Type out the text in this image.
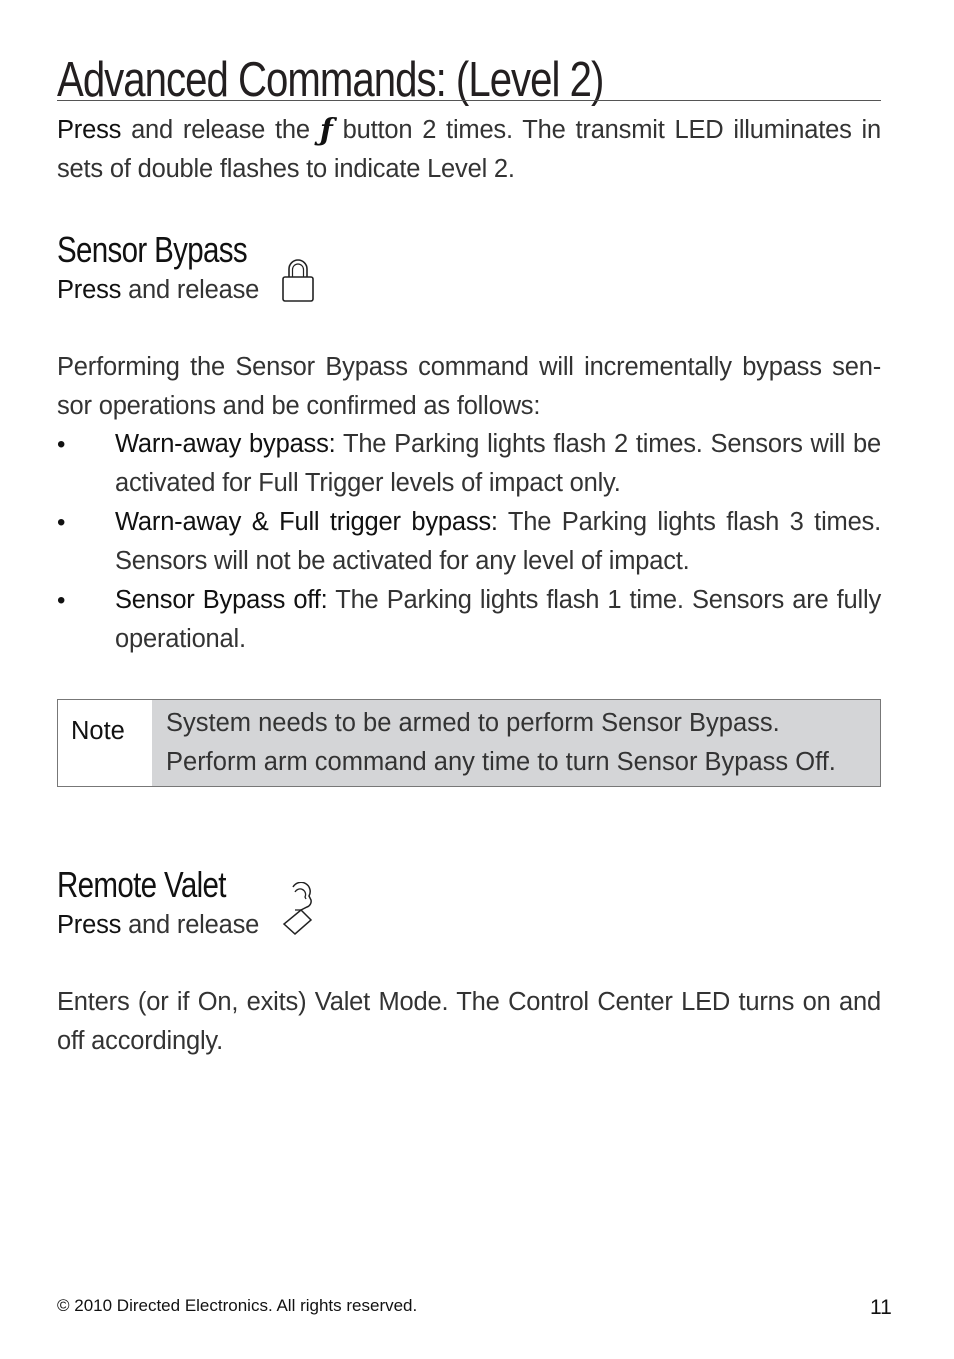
Advanced Commands: (Level 2)
Press and release the ƒ button 2 times. The transmit LED illuminates in sets of double flashes to indicate Level 2.
Sensor Bypass
Press and release
Performing the Sensor Bypass command will incrementally bypass sen-sor operations and be confirmed as follows:
• Warn-away bypass: The Parking lights flash 2 times. Sensors will be activated for Full Trigger levels of impact only.
• Warn-away & Full trigger bypass: The Parking lights flash 3 times. Sensors will not be activated for any level of impact.
• Sensor Bypass off: The Parking lights flash 1 time. Sensors are fully operational.
Note	System needs to be armed to perform Sensor Bypass.
Perform arm command any time to turn Sensor Bypass Off.
Remote Valet
Press and release
Enters (or if On, exits) Valet Mode. The Control Center LED turns on and off accordingly.
© 2010 Directed Electronics. All rights reserved.	11
